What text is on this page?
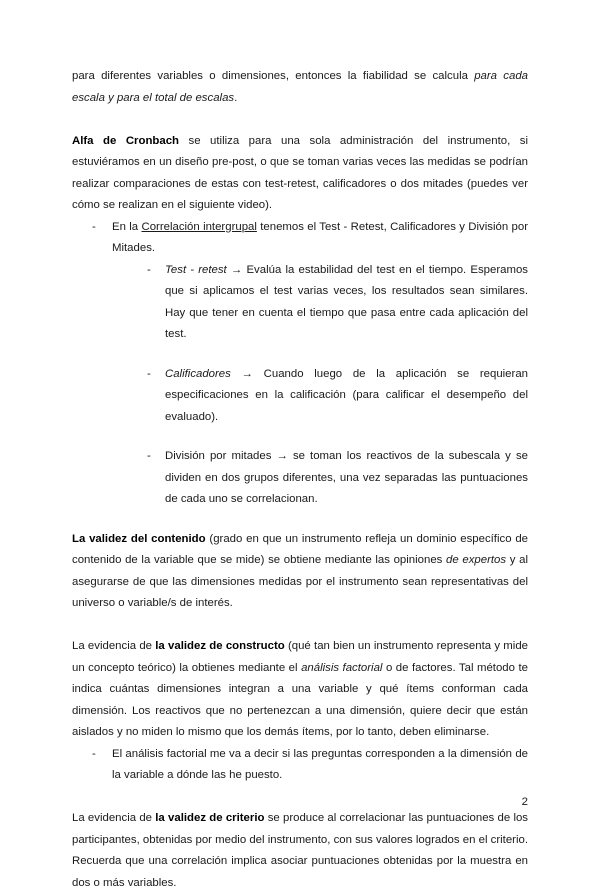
para diferentes variables o dimensiones, entonces la fiabilidad se calcula para cada escala y para el total de escalas.

Alfa de Cronbach se utiliza para una sola administración del instrumento, si estuviéramos en un diseño pre-post, o que se toman varias veces las medidas se podrían realizar comparaciones de estas con test-retest, calificadores o dos mitades (puedes ver cómo se realizan en el siguiente video).

- En la Correlación intergrupal tenemos el Test - Retest, Calificadores y División por Mitades.
- Test - retest → Evalúa la estabilidad del test en el tiempo. Esperamos que si aplicamos el test varias veces, los resultados sean similares. Hay que tener en cuenta el tiempo que pasa entre cada aplicación del test.
- Calificadores → Cuando luego de la aplicación se requieran especificaciones en la calificación (para calificar el desempeño del evaluado).
- División por mitades → se toman los reactivos de la subescala y se dividen en dos grupos diferentes, una vez separadas las puntuaciones de cada uno se correlacionan.

La validez del contenido (grado en que un instrumento refleja un dominio específico de contenido de la variable que se mide) se obtiene mediante las opiniones de expertos y al asegurarse de que las dimensiones medidas por el instrumento sean representativas del universo o variable/s de interés.

La evidencia de la validez de constructo (qué tan bien un instrumento representa y mide un concepto teórico) la obtienes mediante el análisis factorial o de factores. Tal método te indica cuántas dimensiones integran a una variable y qué ítems conforman cada dimensión. Los reactivos que no pertenezcan a una dimensión, quiere decir que están aislados y no miden lo mismo que los demás ítems, por lo tanto, deben eliminarse.

- El análisis factorial me va a decir si las preguntas corresponden a la dimensión de la variable a dónde las he puesto.

La evidencia de la validez de criterio se produce al correlacionar las puntuaciones de los participantes, obtenidas por medio del instrumento, con sus valores logrados en el criterio. Recuerda que una correlación implica asociar puntuaciones obtenidas por la muestra en dos o más variables.

2
